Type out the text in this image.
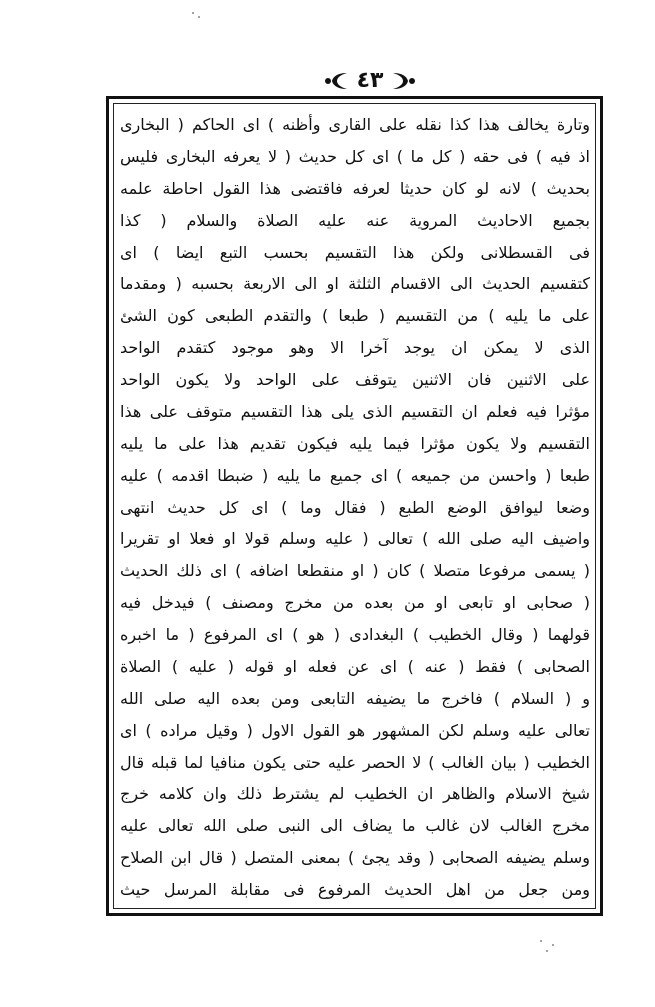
٤٣
وتارة يخالف هذا كذا نقله على القارى وأظنه ) اى الحاكم ( البخارى
اذ فيه ) فى حقه ( كل ما ) اى كل حديث ( لا يعرفه البخارى فليس
بحديث ) لانه لو كان حديثا لعرفه فاقتضى هذا القول احاطة علمه
بجميع الاحاديث المروية عنه عليه الصلاة والسلام ( كذا
فى القسطلانى ولكن هذا التقسيم بحسب التبع ايضا ) اى
كتقسيم الحديث الى الاقسام الثلثة او الى الاربعة بحسبه ( ومقدما
على ما يليه ) من التقسيم ( طبعا ) والتقدم الطبعى كون الشئ
الذى لا يمكن ان يوجد آخرا الا وهو موجود كتقدم الواحد
على الاثنين فان الاثنين يتوقف على الواحد ولا يكون الواحد
مؤثرا فيه فعلم ان التقسيم الذى يلى هذا التقسيم متوقف على هذا
التقسيم ولا يكون مؤثرا فيما يليه فيكون تقديم هذا على ما يليه
طبعا ( واحسن من جميعه ) اى جميع ما يليه ( ضبطا اقدمه ) عليه
وضعا ليوافق الوضع الطبع ( فقال وما ) اى كل حديث انتهى
واضيف اليه صلى الله ) تعالى ( عليه وسلم قولا او فعلا او تقريرا
( يسمى مرفوعا متصلا ) كان ( او منقطعا اضافه ) اى ذلك الحديث
( صحابى او تابعى او من بعده من مخرج ومصنف ) فيدخل فيه
قولهما ( وقال الخطيب ) البغدادى ( هو ) اى المرفوع ( ما اخبره
الصحابى ) فقط ( عنه ) اى عن فعله او قوله ( عليه ) الصلاة
و ( السلام ) فاخرج ما يضيفه التابعى ومن بعده اليه صلى الله
تعالى عليه وسلم لكن المشهور هو القول الاول ( وقيل مراده ) اى
الخطيب ( بيان الغالب ) لا الحصر عليه حتى يكون منافيا لما قبله قال
شيخ الاسلام والظاهر ان الخطيب لم يشترط ذلك وان كلامه خرج
مخرج الغالب لان غالب ما يضاف الى النبى صلى الله تعالى عليه
وسلم يضيفه الصحابى ( وقد يجئ ) بمعنى المتصل ( قال ابن الصلاح
ومن جعل من اهل الحديث المرفوع فى مقابلة المرسل حيث
